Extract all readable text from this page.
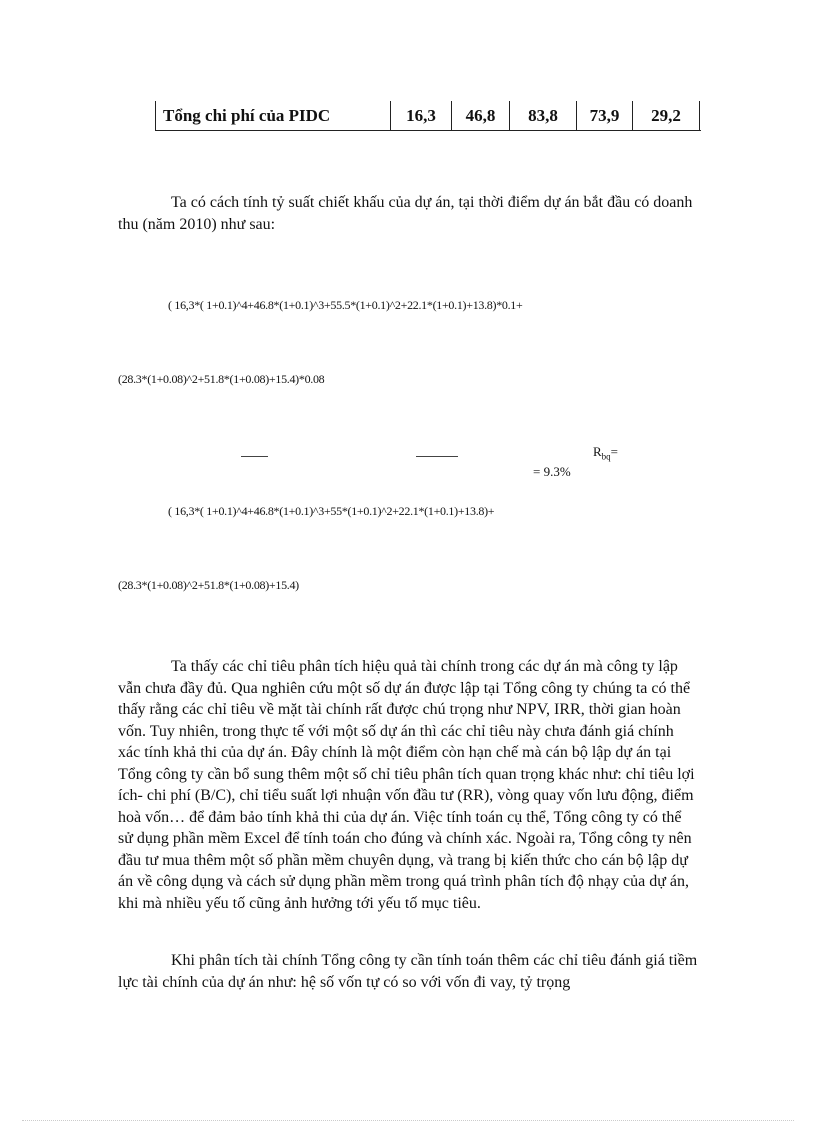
Tổng chi phí của PIDC	16,3	46,8	83,8	73,9	29,2

Ta có cách tính tỷ suất chiết khấu của dự án, tại thời điểm dự án bắt đầu có doanh thu (năm 2010) như sau:

( 16,3*( 1+0.1)^4+46.8*(1+0.1)^3+55.5*(1+0.1)^2+22.1*(1+0.1)+13.8)*0.1+
(28.3*(1+0.08)^2+51.8*(1+0.08)+15.4)*0.08
$R_{bq}=$
= 9.3%
( 16,3*( 1+0.1)^4+46.8*(1+0.1)^3+55*(1+0.1)^2+22.1*(1+0.1)+13.8)+
(28.3*(1+0.08)^2+51.8*(1+0.08)+15.4)

Ta thấy các chỉ tiêu phân tích hiệu quả tài chính trong các dự án mà công ty lập vẫn chưa đầy đủ. Qua nghiên cứu một số dự án được lập tại Tổng công ty chúng ta có thể thấy rằng các chỉ tiêu về mặt tài chính rất được chú trọng như NPV, IRR, thời gian hoàn vốn. Tuy nhiên, trong thực tế với một số dự án thì các chỉ tiêu này chưa đánh giá chính xác tính khả thi của dự án. Đây chính là một điểm còn hạn chế mà cán bộ lập dự án tại Tổng công ty cần bổ sung thêm một số chỉ tiêu phân tích quan trọng khác như: chỉ tiêu lợi ích- chi phí (B/C), chỉ tiểu suất lợi nhuận vốn đầu tư (RR), vòng quay vốn lưu động, điểm hoà vốn… để đảm bảo tính khả thi của dự án. Việc tính toán cụ thể, Tổng công ty có thể sử dụng phần mềm Excel để tính toán cho đúng và chính xác. Ngoài ra, Tổng công ty nên đầu tư mua thêm một số phần mềm chuyên dụng, và trang bị kiến thức cho cán bộ lập dự án về công dụng và cách sử dụng phần mềm trong quá trình phân tích độ nhạy của dự án, khi mà nhiều yếu tố cũng ảnh hưởng tới yếu tố mục tiêu.

Khi phân tích tài chính Tổng công ty cần tính toán thêm các chỉ tiêu đánh giá tiềm lực tài chính của dự án như: hệ số vốn tự có so với vốn đi vay, tỷ trọng
